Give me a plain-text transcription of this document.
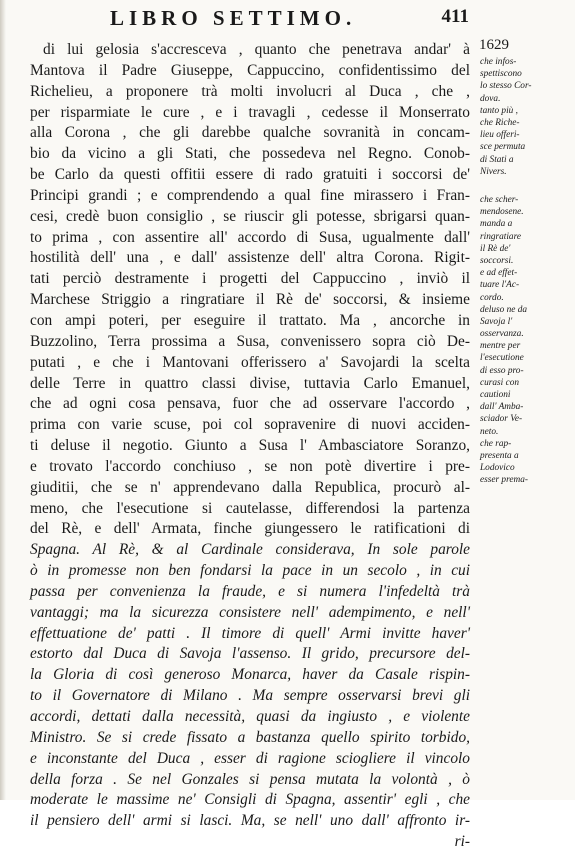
LIBRO SETTIMO.	411
1629
di lui gelosia s'accresceva , quanto che penetrava andar' à
Mantova il Padre Giuseppe, Cappuccino, confidentissimo del
Richelieu, a proponere trà molti involucri al Duca , che ,
per risparmiate le cure , e i travagli , cedesse il Monserrato
alla Corona , che gli darebbe qualche sovranità in concam-
bio da vicino a gli Stati, che possedeva nel Regno. Conob-
be Carlo da questi offitii essere di rado gratuiti i soccorsi de'
Principi grandi ; e comprendendo a qual fine mirassero i Fran-
cesi, credè buon consiglio , se riuscir gli potesse, sbrigarsi quan-
to prima , con assentire all' accordo di Susa, ugualmente dall'
hostilità dell' una , e dall' assistenze dell' altra Corona. Rigit-
tati perciò destramente i progetti del Cappuccino , inviò il
Marchese Striggio a ringratiare il Rè de' soccorsi, & insieme
con ampi poteri, per eseguire il trattato. Ma , ancorche in
Buzzolino, Terra prossima a Susa, convenissero sopra ciò De-
putati , e che i Mantovani offerissero a' Savojardi la scelta
delle Terre in quattro classi divise, tuttavia Carlo Emanuel,
che ad ogni cosa pensava, fuor che ad osservare l'accordo ,
prima con varie scuse, poi col sopravenire di nuovi acciden-
ti deluse il negotio. Giunto a Susa l' Ambasciatore Soranzo,
e trovato l'accordo conchiuso , se non potè divertire i pre-
giuditii, che se n' apprendevano dalla Republica, procurò al-
meno, che l'esecutione si cautelasse, differendosi la partenza
del Rè, e dell' Armata, finche giungessero le ratificationi di
Spagna. Al Rè, & al Cardinale considerava, In sole parole
ò in promesse non ben fondarsi la pace in un secolo , in cui
passa per convenienza la fraude, e si numera l'infedeltà trà
vantaggi; ma la sicurezza consistere nell' adempimento, e nell'
effettuatione de' patti . Il timore di quell' Armi invitte haver'
estorto dal Duca di Savoja l'assenso. Il grido, precursore del-
la Gloria di così generoso Monarca, haver da Casale rispin-
to il Governatore di Milano . Ma sempre osservarsi brevi gli
accordi, dettati dalla necessità, quasi da ingiusto , e violente
Ministro. Se si crede fissato a bastanza quello spirito torbido,
e inconstante del Duca , esser di ragione sciogliere il vincolo
della forza . Se nel Gonzales si pensa mutata la volontà , ò
moderate le massime ne' Consigli di Spagna, assentir' egli , che
il pensiero dell' armi si lasci. Ma, se nell' uno dall' affronto ir-
ri-
che infos-
spettiscono
lo stesso Cor-
dova.
tanto più ,
che Riche-
lieu offeri-
sce permuta
di Stati a
Nivers.
che scher-
mendosene.
manda a
ringratiare
il Rè de'
soccorsi.
e ad effet-
tuare l'Ac-
cordo.
deluso ne da
Savoja l'
osservanza.
mentre per
l'esecutione
di esso pro-
curasi con
cautioni
dall' Amba-
sciador Ve-
neto.
che rap-
presenta a
Lodovico
esser prema-
